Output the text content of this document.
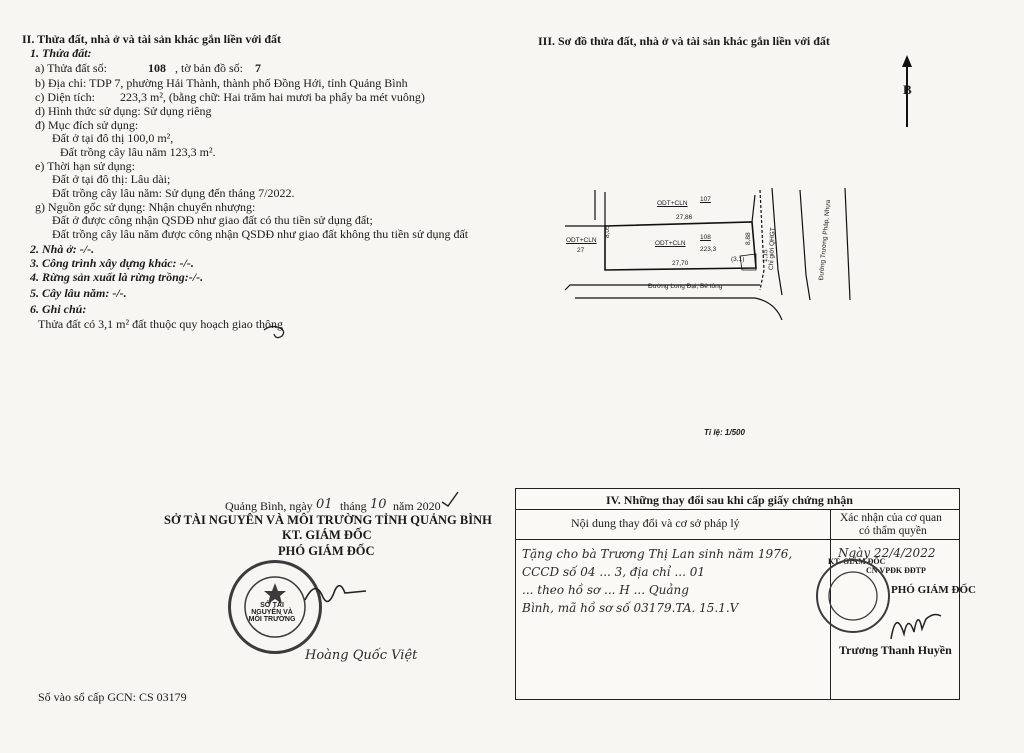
II. Thửa đất, nhà ở và tài sản khác gắn liền với đất
1. Thửa đất:
a) Thửa đất số:	108 , tờ bản đồ số: 7
b) Địa chỉ: TDP 7, phường Hải Thành, thành phố Đồng Hới, tỉnh Quảng Bình
c) Diện tích: 223,3 m², (bằng chữ: Hai trăm hai mươi ba phẩy ba mét vuông)
d) Hình thức sử dụng: Sử dụng riêng
đ) Mục đích sử dụng:
Đất ở tại đô thị 100,0 m²,
Đất trồng cây lâu năm 123,3 m².
e) Thời hạn sử dụng:
Đất ở tại đô thị: Lâu dài;
Đất trồng cây lâu năm: Sử dụng đến tháng 7/2022.
g) Nguồn gốc sử dụng: Nhận chuyển nhượng:
Đất ở được công nhận QSDĐ như giao đất có thu tiền sử dụng đất;
Đất trồng cây lâu năm được công nhận QSDĐ như giao đất không thu tiền sử dụng đất
2. Nhà ở: -/-.
3. Công trình xây dựng khác: -/-.
4. Rừng sản xuất là rừng trồng:-/-.
5. Cây lâu năm: -/-.
6. Ghi chú:
Thửa đất có 3,1 m² đất thuộc quy hoạch giao thông
III. Sơ đồ thửa đất, nhà ở và tài sản khác gắn liền với đất
B
ODT+CLN
107
27,86
ODT+CLN
27
8,05
ODT+CLN
108
223,3
8,88
27,70
(3,1)
Đường Long Đại, Bê tông
Chỉ giới QHGT
1,15	Đường Trương Pháp, Nhựa
Tỉ lệ: 1/500
Quảng Bình, ngày 01 tháng 10 năm 2020
SỞ TÀI NGUYÊN VÀ MÔI TRƯỜNG TỈNH QUẢNG BÌNH
KT. GIÁM ĐỐC
PHÓ GIÁM ĐỐC
SỞ TÀI NGUYÊN VÀ MÔI TRƯỜNG
Hoàng Quốc Việt
Số vào sổ cấp GCN: CS 03179
IV. Những thay đổi sau khi cấp giấy chứng nhận
Nội dung thay đổi và cơ sở pháp lý	Xác nhận của cơ quan
có thẩm quyền
Tặng cho bà Trương Thị Lan sinh năm 1976,
CCCD số 04 ... 3, địa chỉ ... 01
... theo hồ sơ ... H ... Quảng
Bình, mã hồ sơ số 03179.TA. 15.1.V
Ngày 22/4/2022
KT. GIÁM ĐỐC
CN VPĐK ĐĐTP
PHÓ GIÁM ĐỐC
Trương Thanh Huyền
